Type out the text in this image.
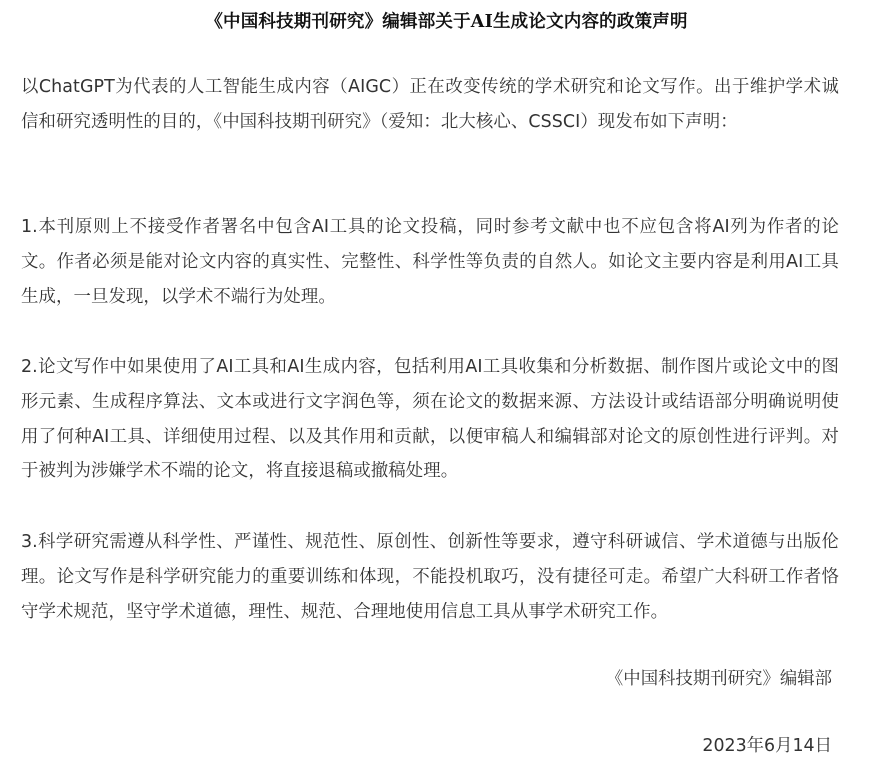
《中国科技期刊研究》编辑部关于AI生成论文内容的政策声明

以ChatGPT为代表的人工智能生成内容（AIGC）正在改变传统的学术研究和论文写作。出于维护学术诚信和研究透明性的目的，《中国科技期刊研究》（爱知：北大核心、CSSCI）现发布如下声明：

1.本刊原则上不接受作者署名中包含AI工具的论文投稿，同时参考文献中也不应包含将AI列为作者的论文。作者必须是能对论文内容的真实性、完整性、科学性等负责的自然人。如论文主要内容是利用AI工具生成，一旦发现，以学术不端行为处理。

2.论文写作中如果使用了AI工具和AI生成内容，包括利用AI工具收集和分析数据、制作图片或论文中的图形元素、生成程序算法、文本或进行文字润色等，须在论文的数据来源、方法设计或结语部分明确说明使用了何种AI工具、详细使用过程、以及其作用和贡献，以便审稿人和编辑部对论文的原创性进行评判。对于被判为涉嫌学术不端的论文，将直接退稿或撤稿处理。

3.科学研究需遵从科学性、严谨性、规范性、原创性、创新性等要求，遵守科研诚信、学术道德与出版伦理。论文写作是科学研究能力的重要训练和体现，不能投机取巧，没有捷径可走。希望广大科研工作者恪守学术规范，坚守学术道德，理性、规范、合理地使用信息工具从事学术研究工作。

《中国科技期刊研究》编辑部
2023年6月14日
